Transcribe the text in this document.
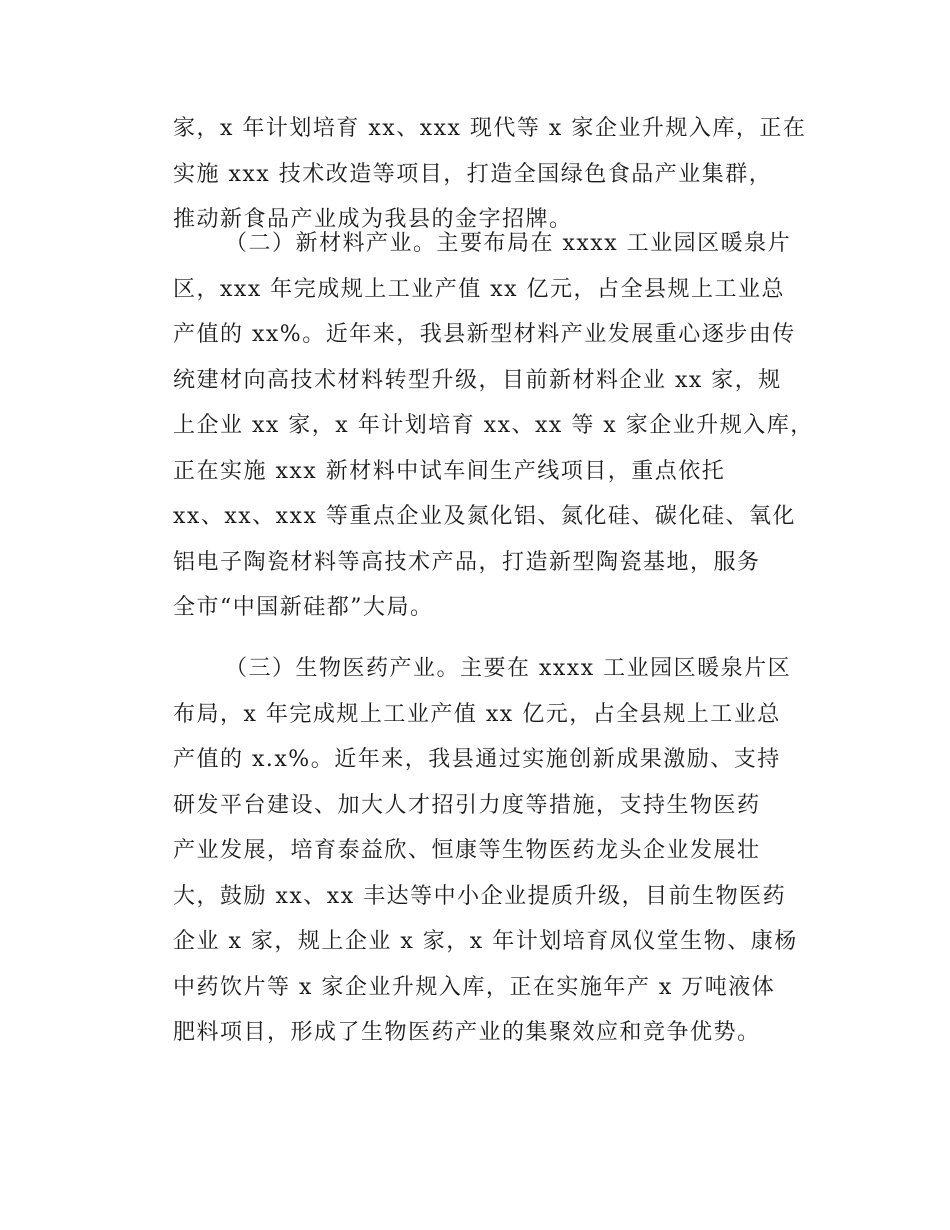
家，x 年计划培育 xx、xxx 现代等 x 家企业升规入库，正在
实施 xxx 技术改造等项目，打造全国绿色食品产业集群，
推动新食品产业成为我县的金字招牌。
（二）新材料产业。主要布局在 xxxx 工业园区暖泉片
区，xxx 年完成规上工业产值 xx 亿元，占全县规上工业总
产值的 xx%。近年来，我县新型材料产业发展重心逐步由传
统建材向高技术材料转型升级，目前新材料企业 xx 家，规
上企业 xx 家，x 年计划培育 xx、xx 等 x 家企业升规入库，
正在实施 xxx 新材料中试车间生产线项目，重点依托
xx、xx、xxx 等重点企业及氮化铝、氮化硅、碳化硅、氧化
铝电子陶瓷材料等高技术产品，打造新型陶瓷基地，服务
全市“中国新硅都”大局。
（三）生物医药产业。主要在 xxxx 工业园区暖泉片区
布局，x 年完成规上工业产值 xx 亿元，占全县规上工业总
产值的 x.x%。近年来，我县通过实施创新成果激励、支持
研发平台建设、加大人才招引力度等措施，支持生物医药
产业发展，培育泰益欣、恒康等生物医药龙头企业发展壮
大，鼓励 xx、xx 丰达等中小企业提质升级，目前生物医药
企业 x 家，规上企业 x 家，x 年计划培育凤仪堂生物、康杨
中药饮片等 x 家企业升规入库，正在实施年产 x 万吨液体
肥料项目，形成了生物医药产业的集聚效应和竞争优势。
